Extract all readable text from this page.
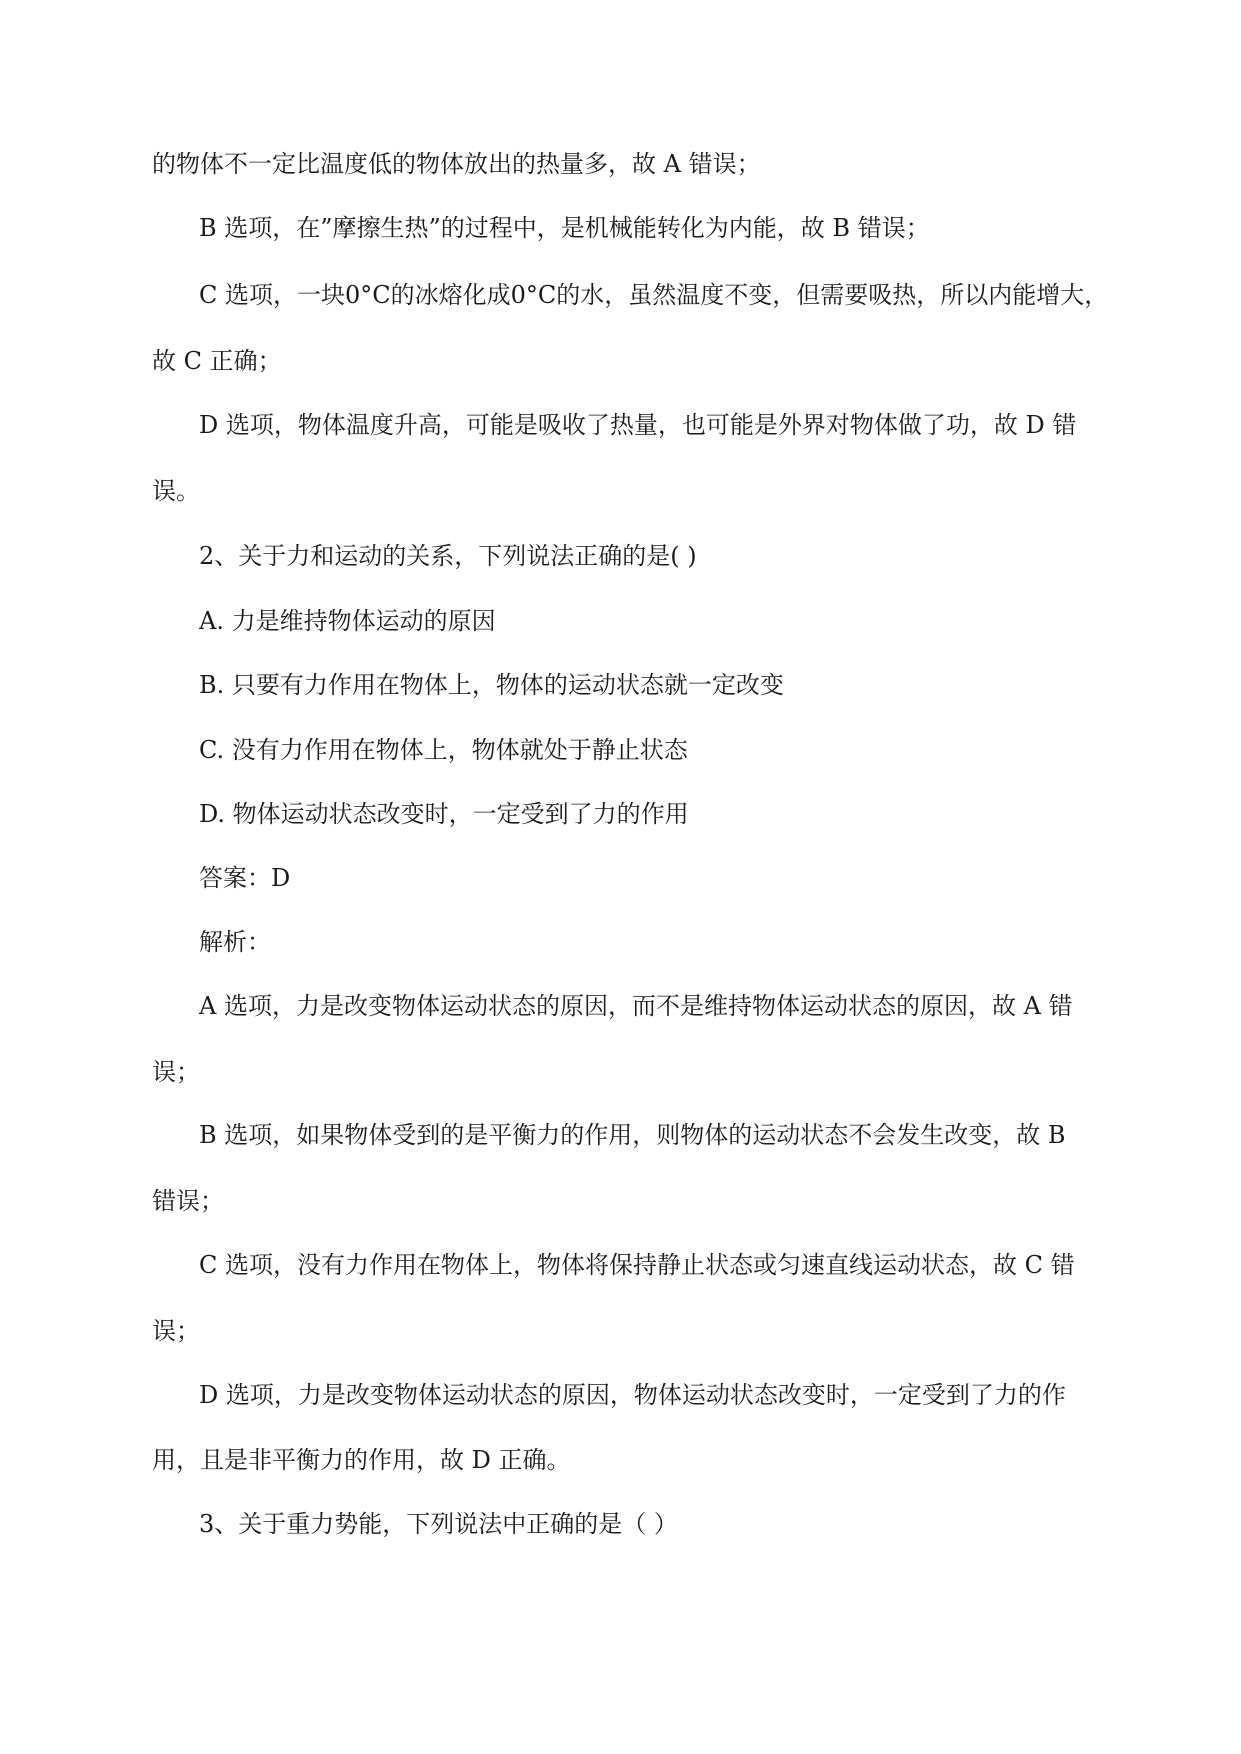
的物体不一定比温度低的物体放出的热量多，故 A 错误；
B 选项，在”摩擦生热”的过程中，是机械能转化为内能，故 B 错误；
C 选项，一块0°C的冰熔化成0°C的水，虽然温度不变，但需要吸热，所以内能增大，
故 C 正确；
D 选项，物体温度升高，可能是吸收了热量，也可能是外界对物体做了功，故 D 错
误。
2、关于力和运动的关系，下列说法正确的是( )
A. 力是维持物体运动的原因
B. 只要有力作用在物体上，物体的运动状态就一定改变
C. 没有力作用在物体上，物体就处于静止状态
D. 物体运动状态改变时，一定受到了力的作用
答案：D
解析：
A 选项，力是改变物体运动状态的原因，而不是维持物体运动状态的原因，故 A 错
误；
B 选项，如果物体受到的是平衡力的作用，则物体的运动状态不会发生改变，故 B
错误；
C 选项，没有力作用在物体上，物体将保持静止状态或匀速直线运动状态，故 C 错
误；
D 选项，力是改变物体运动状态的原因，物体运动状态改变时，一定受到了力的作
用，且是非平衡力的作用，故 D 正确。
3、关于重力势能，下列说法中正确的是（ ）
